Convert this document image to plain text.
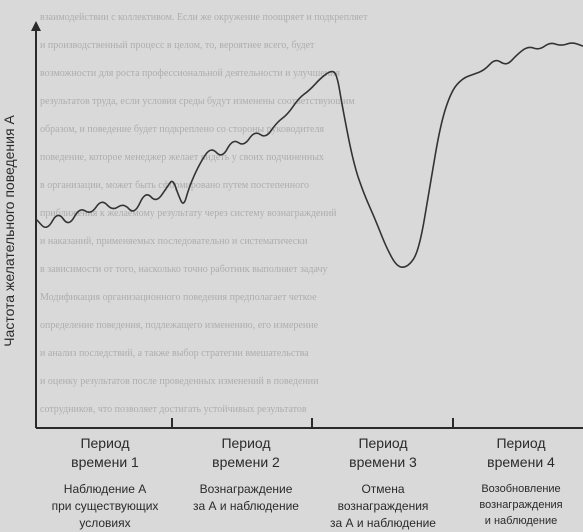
взаимодействии с коллективом. Если же окружение поощряет и подкрепляет
и производственный процесс в целом, то, вероятнее всего, будет
возможности для роста профессиональной деятельности и улучшения
результатов труда, если условия среды будут изменены соответствующим
образом, и поведение будет подкреплено со стороны руководителя
поведение, которое менеджер желает видеть у своих подчиненных
в организации, может быть сформировано путем постепенного
приближения к желаемому результату через систему вознаграждений
и наказаний, применяемых последовательно и систематически
в зависимости от того, насколько точно работник выполняет задачу
Модификация организационного поведения предполагает четкое
определение поведения, подлежащего изменению, его измерение
и анализ последствий, а также выбор стратегии вмешательства
и оценку результатов после проведенных изменений в поведении
сотрудников, что позволяет достигать устойчивых результатов
Частота желательного поведения А
Период
времени 1
Наблюдение А
при существующих
условиях
Период
времени 2
Вознаграждение
за А и наблюдение
Период
времени 3
Отмена
вознаграждения
за А и наблюдение
Период
времени 4
Возобновление
вознаграждения
и наблюдение
